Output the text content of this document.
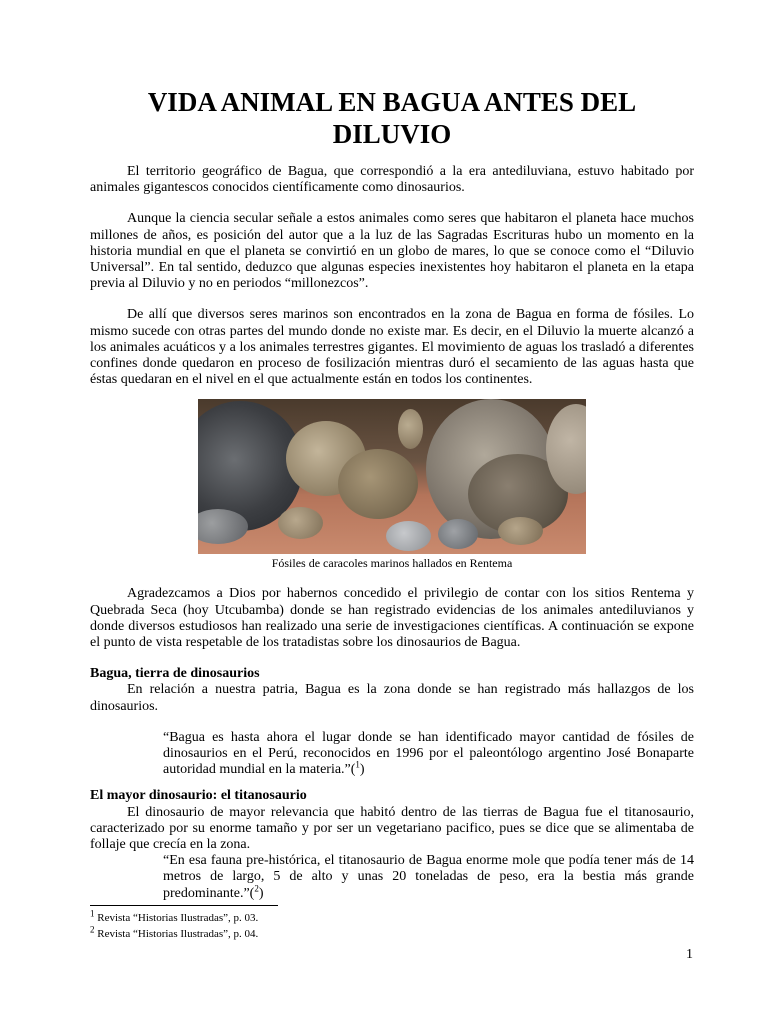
VIDA ANIMAL EN BAGUA ANTES DEL DILUVIO

El territorio geográfico de Bagua, que correspondió a la era antediluviana, estuvo habitado por animales gigantescos conocidos científicamente como dinosaurios.

Aunque la ciencia secular señale a estos animales como seres que habitaron el planeta hace muchos millones de años, es posición del autor que a la luz de las Sagradas Escrituras hubo un momento en la historia mundial en que el planeta se convirtió en un globo de mares, lo que se conoce como el “Diluvio Universal”. En tal sentido, deduzco que algunas especies inexistentes hoy habitaron el planeta en la etapa previa al Diluvio y no en periodos “millonezcos”.

De allí que diversos seres marinos son encontrados en la zona de Bagua en forma de fósiles. Lo mismo sucede con otras partes del mundo donde no existe mar. Es decir, en el Diluvio la muerte alcanzó a los animales acuáticos y a los animales terrestres gigantes. El movimiento de aguas los trasladó a diferentes confines donde quedaron en proceso de fosilización mientras duró el secamiento de las aguas hasta que éstas quedaran en el nivel en el que actualmente están en todos los continentes.

Fósiles de caracoles marinos hallados en Rentema

Agradezcamos a Dios por habernos concedido el privilegio de contar con los sitios Rentema y Quebrada Seca (hoy Utcubamba) donde se han registrado evidencias de los animales antediluvianos y donde diversos estudiosos han realizado una serie de investigaciones científicas. A continuación se expone el punto de vista respetable de los tratadistas sobre los dinosaurios de Bagua.

Bagua, tierra de dinosaurios

En relación a nuestra patria, Bagua es la zona donde se han registrado más hallazgos de los dinosaurios.

“Bagua es hasta ahora el lugar donde se han identificado mayor cantidad de fósiles de dinosaurios en el Perú, reconocidos en 1996 por el paleontólogo argentino José Bonaparte autoridad mundial en la materia.”($^1$)

El mayor dinosaurio: el titanosaurio

El dinosaurio de mayor relevancia que habitó dentro de las tierras de Bagua fue el titanosaurio, caracterizado por su enorme tamaño y por ser un vegetariano pacifico, pues se dice que se alimentaba de follaje que crecía en la zona.

“En esa fauna pre-histórica, el titanosaurio de Bagua enorme mole que podía tener más de 14 metros de largo, 5 de alto y unas 20 toneladas de peso, era la bestia más grande predominante.”($^2$)

$^1$ Revista “Historias Ilustradas”, p. 03.
$^2$ Revista “Historias Ilustradas”, p. 04.
1
